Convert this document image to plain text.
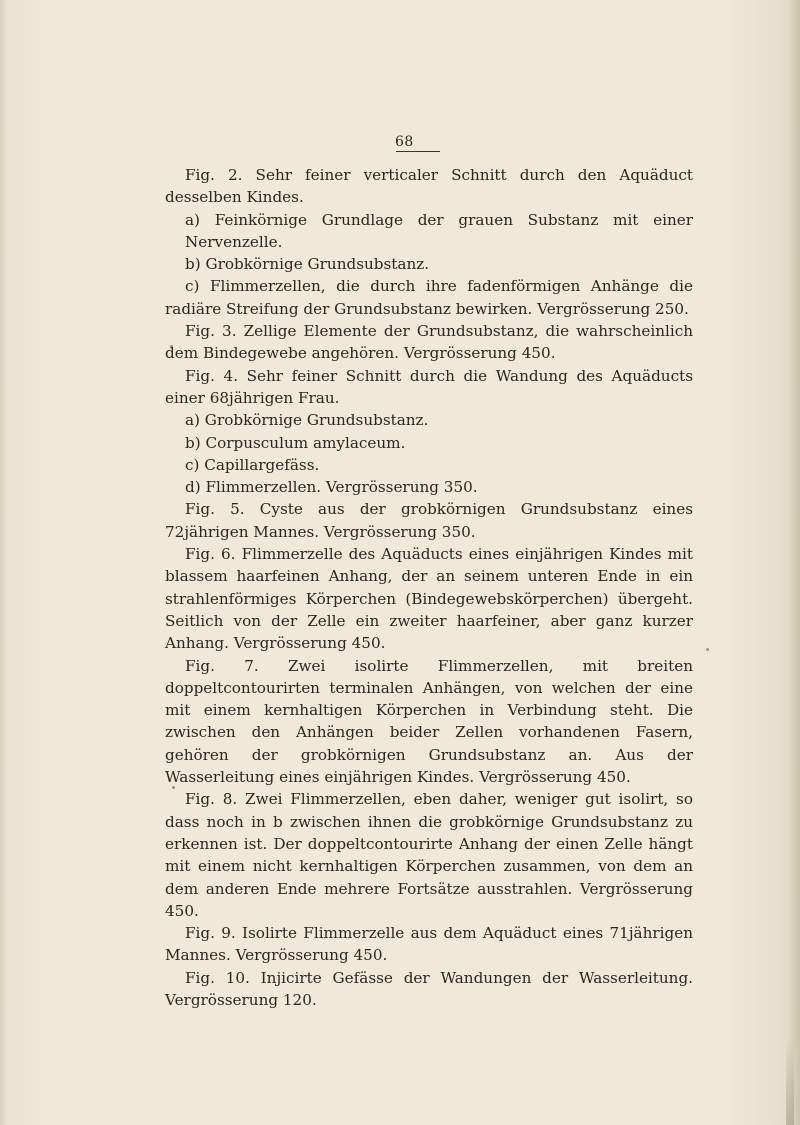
68

Fig. 2. Sehr feiner verticaler Schnitt durch den Aquäduct desselben Kindes.

a) Feinkörnige Grundlage der grauen Substanz mit einer Nervenzelle.

b) Grobkörnige Grundsubstanz.

c) Flimmerzellen, die durch ihre fadenförmigen Anhänge die radiäre Streifung der Grundsubstanz bewirken. Vergrösserung 250.

Fig. 3. Zellige Elemente der Grundsubstanz, die wahrscheinlich dem Bindegewebe angehören. Vergrösserung 450.

Fig. 4. Sehr feiner Schnitt durch die Wandung des Aquäducts einer 68jährigen Frau.

a) Grobkörnige Grundsubstanz.

b) Corpusculum amylaceum.

c) Capillargefäss.

d) Flimmerzellen. Vergrösserung 350.

Fig. 5. Cyste aus der grobkörnigen Grundsubstanz eines 72jährigen Mannes. Vergrösserung 350.

Fig. 6. Flimmerzelle des Aquäducts eines einjährigen Kindes mit blassem haarfeinen Anhang, der an seinem unteren Ende in ein strahlenförmiges Körperchen (Bindegewebskörperchen) übergeht. Seitlich von der Zelle ein zweiter haarfeiner, aber ganz kurzer Anhang. Vergrösserung 450.

Fig. 7. Zwei isolirte Flimmerzellen, mit breiten doppeltcontourirten terminalen Anhängen, von welchen der eine mit einem kernhaltigen Körperchen in Verbindung steht. Die zwischen den Anhängen beider Zellen vorhandenen Fasern, gehören der grobkörnigen Grundsubstanz an. Aus der Wasserleitung eines einjährigen Kindes. Vergrösserung 450.

Fig. 8. Zwei Flimmerzellen, eben daher, weniger gut isolirt, so dass noch in b zwischen ihnen die grobkörnige Grundsubstanz zu erkennen ist. Der doppeltcontourirte Anhang der einen Zelle hängt mit einem nicht kernhaltigen Körperchen zusammen, von dem an dem anderen Ende mehrere Fortsätze ausstrahlen. Vergrösserung 450.

Fig. 9. Isolirte Flimmerzelle aus dem Aquäduct eines 71jährigen Mannes. Vergrösserung 450.

Fig. 10. Injicirte Gefässe der Wandungen der Wasserleitung. Vergrösserung 120.
